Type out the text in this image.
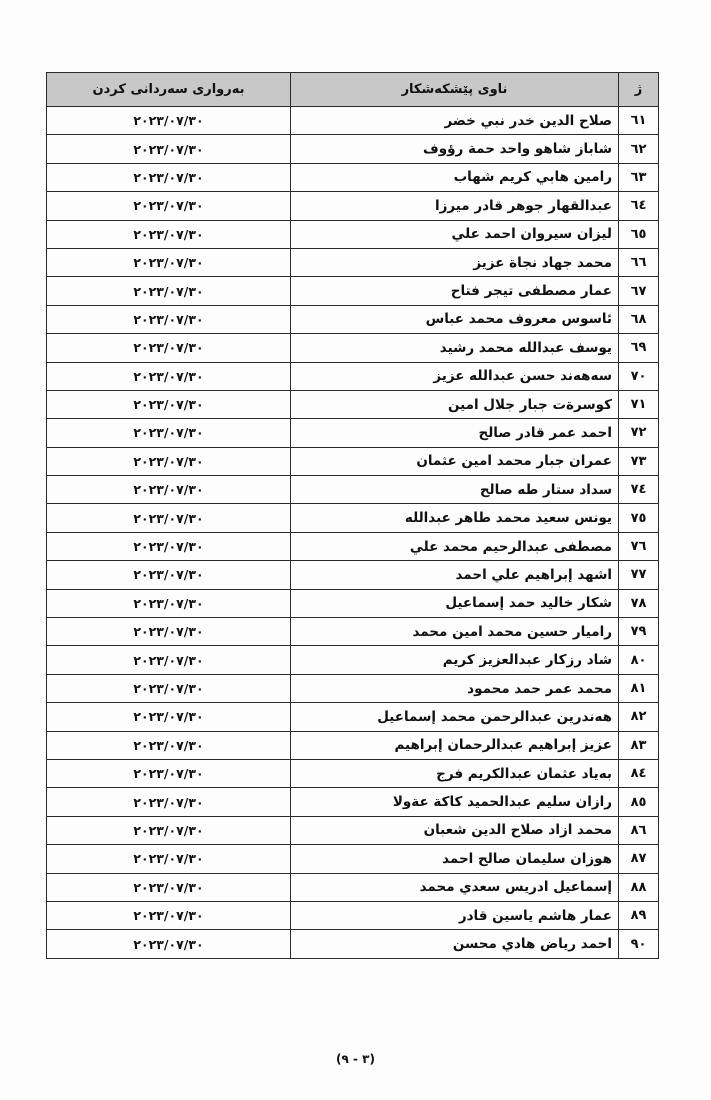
ژ	ناوی پێشکەشکار	بەرواری سەردانی کردن
٦١	صلاح الدين خدر نبي خضر	٢٠٢٣/٠٧/٣٠
٦٢	شاباز شاهو واحد حمة رؤوف	٢٠٢٣/٠٧/٣٠
٦٣	رامين هابي كريم شهاب	٢٠٢٣/٠٧/٣٠
٦٤	عبدالقهار جوهر قادر ميرزا	٢٠٢٣/٠٧/٣٠
٦٥	ليزان سيروان احمد علي	٢٠٢٣/٠٧/٣٠
٦٦	محمد جهاد نجاة عزيز	٢٠٢٣/٠٧/٣٠
٦٧	عمار مصطفى تيجر فتاح	٢٠٢٣/٠٧/٣٠
٦٨	ئاسوس معروف محمد عباس	٢٠٢٣/٠٧/٣٠
٦٩	يوسف عبدالله محمد رشيد	٢٠٢٣/٠٧/٣٠
٧٠	سەهەند حسن عبدالله عزيز	٢٠٢٣/٠٧/٣٠
٧١	كوسرةت جبار جلال امين	٢٠٢٣/٠٧/٣٠
٧٢	احمد عمر قادر صالح	٢٠٢٣/٠٧/٣٠
٧٣	عمران جبار محمد امين عثمان	٢٠٢٣/٠٧/٣٠
٧٤	سداد ستار طه صالح	٢٠٢٣/٠٧/٣٠
٧٥	يونس سعيد محمد طاهر عبدالله	٢٠٢٣/٠٧/٣٠
٧٦	مصطفى عبدالرحيم محمد علي	٢٠٢٣/٠٧/٣٠
٧٧	اشهد إبراهيم علي احمد	٢٠٢٣/٠٧/٣٠
٧٨	شكار خاليد حمد إسماعيل	٢٠٢٣/٠٧/٣٠
٧٩	راميار حسين محمد امين محمد	٢٠٢٣/٠٧/٣٠
٨٠	شاد رزكار عبدالعزيز كريم	٢٠٢٣/٠٧/٣٠
٨١	محمد عمر حمد محمود	٢٠٢٣/٠٧/٣٠
٨٢	هەندرين عبدالرحمن محمد إسماعيل	٢٠٢٣/٠٧/٣٠
٨٣	عزيز إبراهيم عبدالرحمان إبراهيم	٢٠٢٣/٠٧/٣٠
٨٤	بەياد عثمان عبدالكريم فرج	٢٠٢٣/٠٧/٣٠
٨٥	رازان سليم عبدالحميد كاكة عةولا	٢٠٢٣/٠٧/٣٠
٨٦	محمد ازاد صلاح الدين شعبان	٢٠٢٣/٠٧/٣٠
٨٧	هوزان سليمان صالح احمد	٢٠٢٣/٠٧/٣٠
٨٨	إسماعيل ادريس سعدي محمد	٢٠٢٣/٠٧/٣٠
٨٩	عمار هاشم ياسين قادر	٢٠٢٣/٠٧/٣٠
٩٠	احمد رياض هادي محسن	٢٠٢٣/٠٧/٣٠
(٣ - ٩)
